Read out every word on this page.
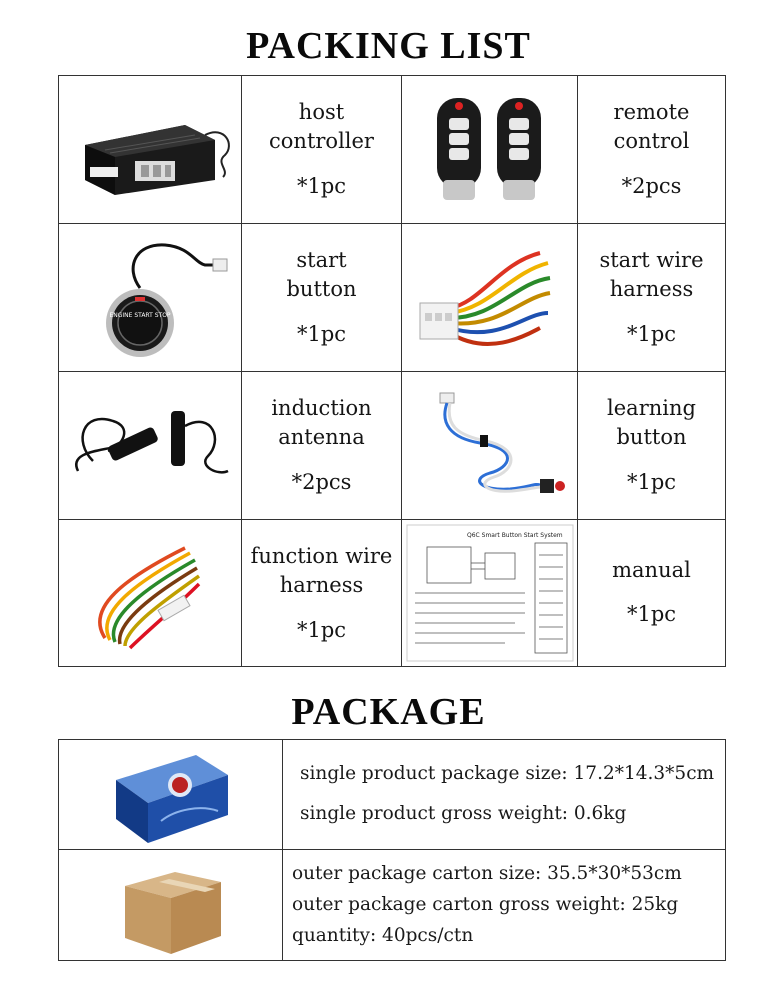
PACKING LIST
host
controller
*1pc
remote
control
*2pcs
ENGINE START STOP
start
button
*1pc
start wire
harness
*1pc
induction
antenna
*2pcs
learning
button
*1pc
function wire
harness
*1pc
Q6C Smart Button Start System
manual
*1pc
PACKAGE
single product package size: 17.2*14.3*5cm
single product gross weight: 0.6kg
outer package carton size: 35.5*30*53cm
outer package carton gross weight: 25kg
quantity: 40pcs/ctn
